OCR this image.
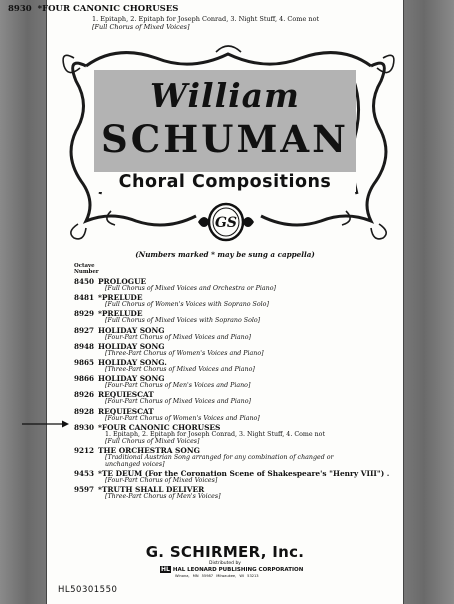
8930 *FOUR CANONIC CHORUSES
1. Epitaph, 2. Epitaph for Joseph Conrad, 3. Night Stuff, 4. Come not
[Full Chorus of Mixed Voices]
William
SCHUMAN
Choral Compositions
GS
(Numbers marked * may be sung a cappella)
Octave
Number
8450 PROLOGUE
[Full Chorus of Mixed Voices and Orchestra or Piano]
8481 *PRELUDE
[Full Chorus of Women's Voices with Soprano Solo]
8929 *PRELUDE
[Full Chorus of Mixed Voices with Soprano Solo]
8927 HOLIDAY SONG
[Four-Part Chorus of Mixed Voices and Piano]
8948 HOLIDAY SONG
[Three-Part Chorus of Women's Voices and Piano]
9865 HOLIDAY SONG.
[Three-Part Chorus of Mixed Voices and Piano]
9866 HOLIDAY SONG
[Four-Part Chorus of Men's Voices and Piano]
8926 REQUIESCAT
[Four-Part Chorus of Mixed Voices and Piano]
8928 REQUIESCAT
[Four-Part Chorus of Women's Voices and Piano]
8930 *FOUR CANONIC CHORUSES
1. Epitaph, 2. Epitaph for Joseph Conrad, 3. Night Stuff, 4. Come not
[Full Chorus of Mixed Voices]
9212 THE ORCHESTRA SONG
[Traditional Austrian Song arranged for any combination of changed or
unchanged voices]
9453 *TE DEUM (For the Coronation Scene of Shakespeare's "Henry VIII") .
[Four-Part Chorus of Mixed Voices]
9597 *TRUTH SHALL DELIVER
[Three-Part Chorus of Men's Voices]
G. SCHIRMER, Inc.
Distributed by
HL HAL LEONARD PUBLISHING CORPORATION
Winona, MN 55987 Milwaukee, WI 53213
HL50301550
